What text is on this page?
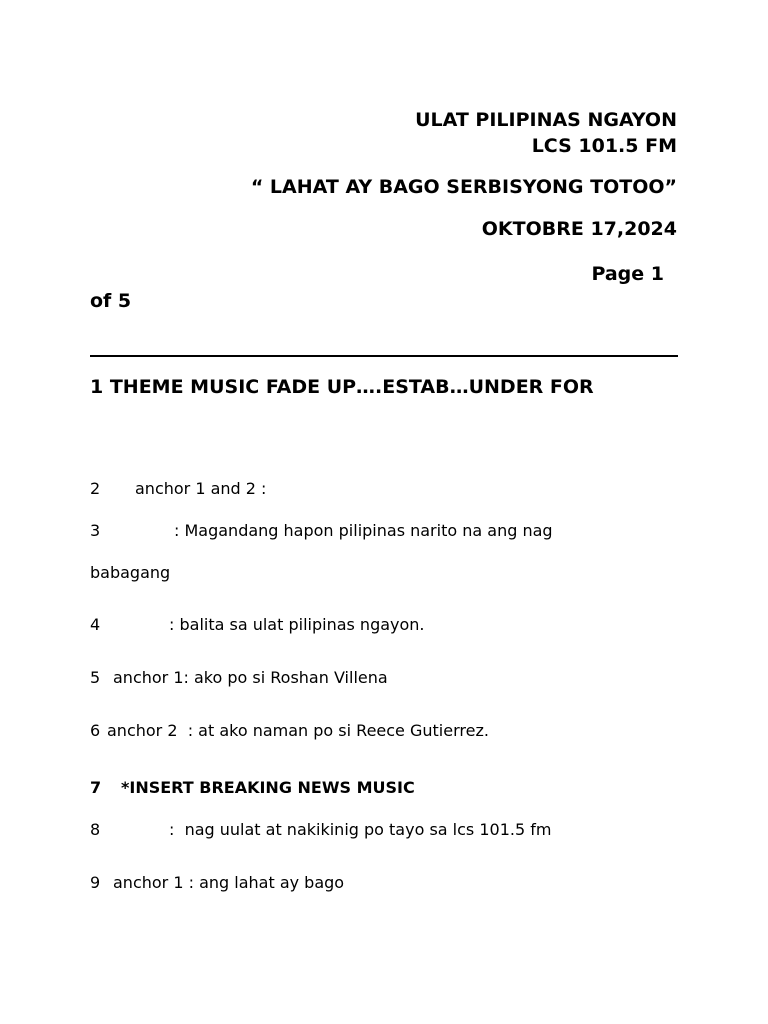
ULAT PILIPINAS NGAYON
LCS 101.5 FM
“ LAHAT AY BAGO SERBISYONG TOTOO”
OKTOBRE 17,2024
Page 1
of 5
1 THEME MUSIC FADE UP….ESTAB…UNDER FOR
2 anchor 1 and 2 :
3	: Magandang hapon pilipinas narito na ang nag
babagang
4	: balita sa ulat pilipinas ngayon.
5 anchor 1: ako po si Roshan Villena
6 anchor 2  : at ako naman po si Reece Gutierrez.
7 *INSERT BREAKING NEWS MUSIC
8	:  nag uulat at nakikinig po tayo sa lcs 101.5 fm
9 anchor 1 : ang lahat ay bago
